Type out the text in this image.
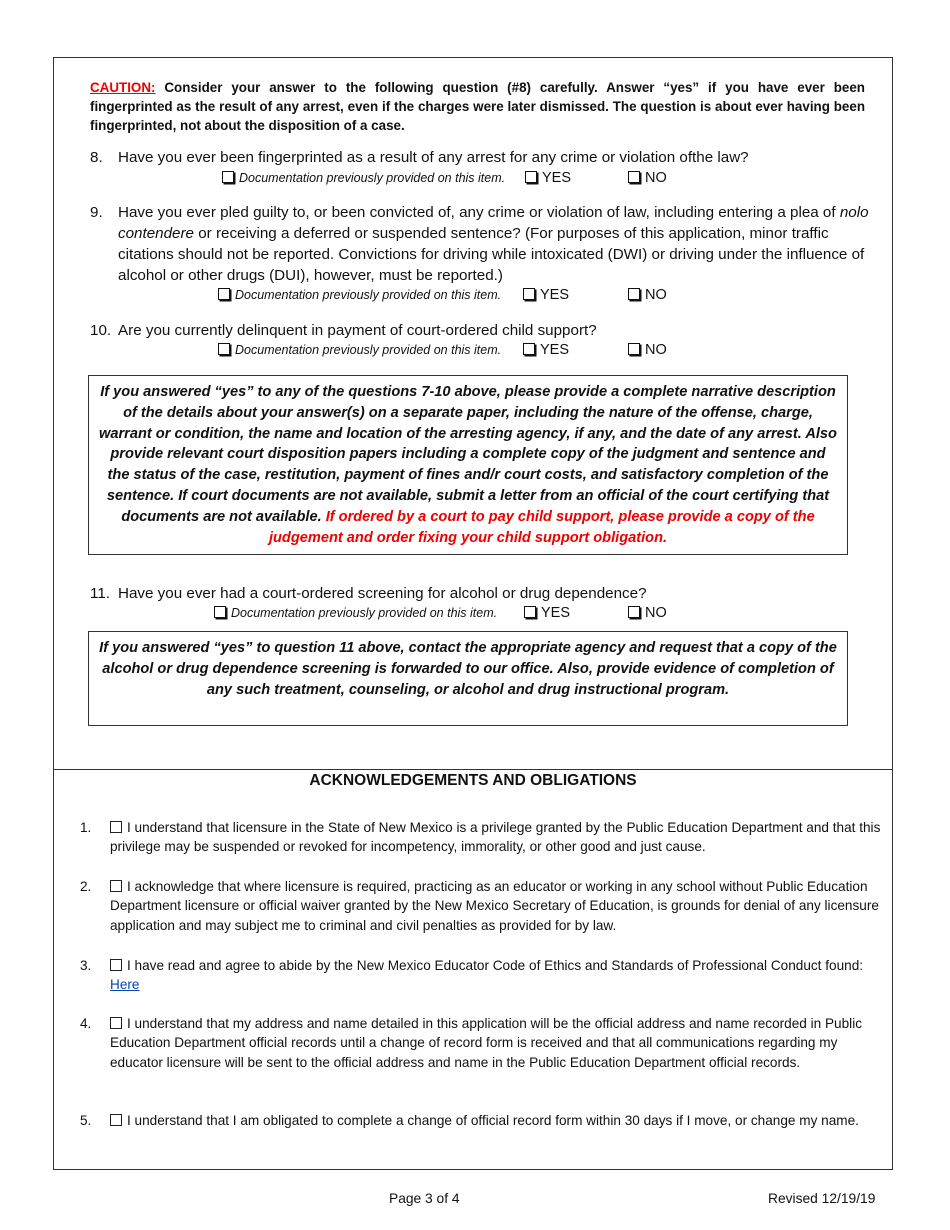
CAUTION: Consider your answer to the following question (#8) carefully. Answer “yes” if you have ever been fingerprinted as the result of any arrest, even if the charges were later dismissed. The question is about ever having been fingerprinted, not about the disposition of a case.
8. Have you ever been fingerprinted as a result of any arrest for any crime or violation ofthe law?
Documentation previously provided on this item.	YES	NO
9. Have you ever pled guilty to, or been convicted of, any crime or violation of law, including entering a plea of nolo contendere or receiving a deferred or suspended sentence? (For purposes of this application, minor traffic citations should not be reported. Convictions for driving while intoxicated (DWI) or driving under the influence of alcohol or other drugs (DUI), however, must be reported.)
Documentation previously provided on this item.	YES	NO
10. Are you currently delinquent in payment of court-ordered child support?
Documentation previously provided on this item.	YES	NO
If you answered “yes” to any of the questions 7-10 above, please provide a complete narrative description of the details about your answer(s) on a separate paper, including the nature of the offense, charge, warrant or condition, the name and location of the arresting agency, if any, and the date of any arrest. Also provide relevant court disposition papers including a complete copy of the judgment and sentence and the status of the case, restitution, payment of fines and/r court costs, and satisfactory completion of the sentence. If court documents are not available, submit a letter from an official of the court certifying that documents are not available. If ordered by a court to pay child support, please provide a copy of the judgement and order fixing your child support obligation.
11. Have you ever had a court-ordered screening for alcohol or drug dependence?
Documentation previously provided on this item.	YES	NO
If you answered “yes” to question 11 above, contact the appropriate agency and request that a copy of the alcohol or drug dependence screening is forwarded to our office. Also, provide evidence of completion of any such treatment, counseling, or alcohol and drug instructional program.
ACKNOWLEDGEMENTS AND OBLIGATIONS
1.	I understand that licensure in the State of New Mexico is a privilege granted by the Public Education Department and that this privilege may be suspended or revoked for incompetency, immorality, or other good and just cause.
2.	I acknowledge that where licensure is required, practicing as an educator or working in any school without Public Education Department licensure or official waiver granted by the New Mexico Secretary of Education, is grounds for denial of any licensure application and may subject me to criminal and civil penalties as provided for by law.
3.	I have read and agree to abide by the New Mexico Educator Code of Ethics and Standards of Professional Conduct found: Here
4.	I understand that my address and name detailed in this application will be the official address and name recorded in Public Education Department official records until a change of record form is received and that all communications regarding my educator licensure will be sent to the official address and name in the Public Education Department official records.
5.	I understand that I am obligated to complete a change of official record form within 30 days if I move, or change my name.
Page 3 of 4	Revised 12/19/19
